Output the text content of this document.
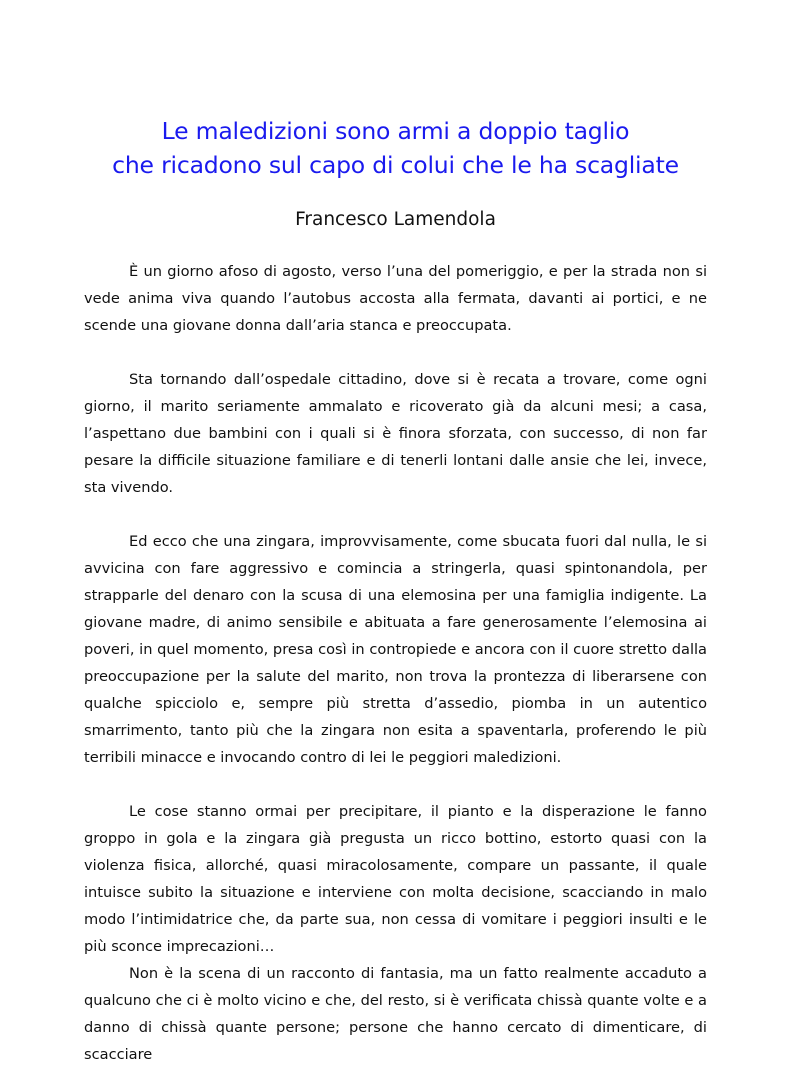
Le maledizioni sono armi a doppio taglio
che ricadono sul capo di colui che le ha scagliate
Francesco Lamendola

È un giorno afoso di agosto, verso l’una del pomeriggio, e per la strada non si vede anima viva quando l’autobus accosta alla fermata, davanti ai portici, e ne scende una giovane donna dall’aria stanca e preoccupata.

Sta tornando dall’ospedale cittadino, dove si è recata a trovare, come ogni giorno, il marito seriamente ammalato e ricoverato già da alcuni mesi; a casa, l’aspettano due bambini con i quali si è finora sforzata, con successo, di non far pesare la difficile situazione familiare e di tenerli lontani dalle ansie che lei, invece, sta vivendo.

Ed ecco che una zingara, improvvisamente, come sbucata fuori dal nulla, le si avvicina con fare aggressivo e comincia a stringerla, quasi spintonandola, per strapparle del denaro con la scusa di una elemosina per una famiglia indigente. La giovane madre, di animo sensibile e abituata a fare generosamente l’elemosina ai poveri, in quel momento, presa così in contropiede e ancora con il cuore stretto dalla preoccupazione per la salute del marito, non trova la prontezza di liberarsene con qualche spicciolo e, sempre più stretta d’assedio, piomba in un autentico smarrimento, tanto più che la zingara non esita a spaventarla, proferendo le più terribili minacce e invocando contro di lei le peggiori maledizioni.

Le cose stanno ormai per precipitare, il pianto e la disperazione le fanno groppo in gola e la zingara già pregusta un ricco bottino, estorto quasi con la violenza fisica, allorché, quasi miracolosamente, compare un passante, il quale intuisce subito la situazione e interviene con molta decisione, scacciando in malo modo l’intimidatrice che, da parte sua, non cessa di vomitare i peggiori insulti e le più sconce imprecazioni…

Non è la scena di un racconto di fantasia, ma un fatto realmente accaduto a qualcuno che ci è molto vicino e che, del resto, si è verificata chissà quante volte e a danno di chissà quante persone; persone che hanno cercato di dimenticare, di scacciare
